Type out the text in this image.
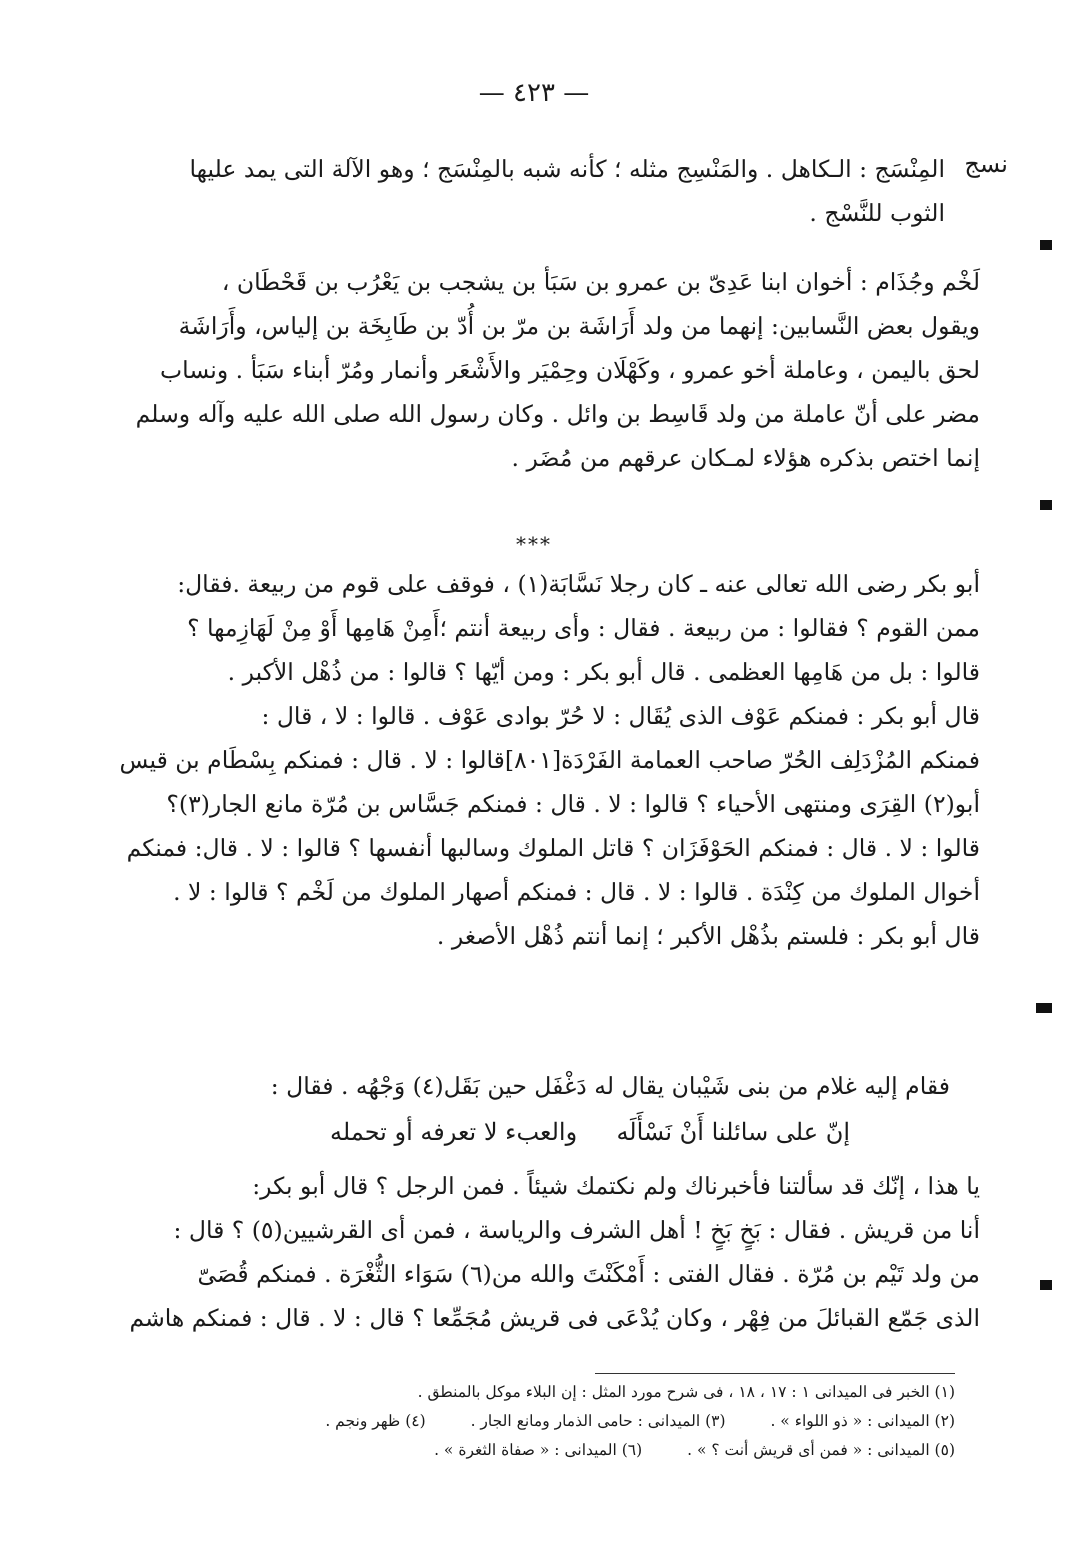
— ٤٢٣ —
نسج
المِنْسَج : الـكاهل . والمَنْسِج مثله ؛ كأنه شبه بالمِنْسَج ؛ وهو الآلة التى يمد عليها
الثوب للنَّسْج .
لَخْم وجُذَام : أخوان ابنا عَدِىّ بن عمرو بن سَبَأ بن يشجب بن يَعْرُب بن قَحْطَان ،
ويقول بعض النَّسابين: إنهما من ولد أَرَاشَة بن مرّ بن أُدّ بن طَابِخَة بن إلياس، وأَرَاشَة
لحق باليمن ، وعاملة أخو عمرو ، وكَهْلَان وحِمْيَر والأَشْعَر وأنمار ومُرّ أبناء سَبَأ . ونساب
مضر على أنّ عاملة من ولد قَاسِط بن وائل . وكان رسول الله صلى الله عليه وآله وسلم
إنما اختص بذكره هؤلاء لمـكان عرقهم من مُضَر .
***
أبو بكر رضى الله تعالى عنه ـ كان رجلا نَسَّابَة(١) ، فوقف على قوم من ربيعة .فقال:
ممن القوم ؟ فقالوا : من ربيعة . فقال : وأى ربيعة أنتم ؛أَمِنْ هَامِها أَوْ مِنْ لَهَازِمها ؟
قالوا : بل من هَامِها العظمى . قال أبو بكر : ومن أيّها ؟ قالوا : من ذُهْل الأكبر .
قال أبو بكر : فمنكم عَوْف الذى يُقَال : لا حُرّ بوادى عَوْف . قالوا : لا ، قال :
فمنكم المُزْدَلِف الحُرّ صاحب العمامة الفَرْدَة[٨٠١]قالوا : لا . قال : فمنكم بِسْطَام بن قيس
أبو(٢) القِرَى ومنتهى الأحياء ؟ قالوا : لا . قال : فمنكم جَسَّاس بن مُرّة مانع الجار(٣)؟
قالوا : لا . قال : فمنكم الحَوْفَزَان ؟ قاتل الملوك وسالبها أنفسها ؟ قالوا : لا . قال: فمنكم
أخوال الملوك من كِنْدَة . قالوا : لا . قال : فمنكم أصهار الملوك من لَخْم ؟ قالوا : لا .
قال أبو بكر : فلستم بذُهْل الأكبر ؛ إنما أنتم ذُهْل الأصغر .
فقام إليه غلام من بنى شَيْبان يقال له دَغْفَل حين بَقَل(٤) وَجْهُه . فقال :
إنّ على سائلنا أَنْ نَسْأَلَه
والعبء لا تعرفه أو تحمله
يا هذا ، إنّك قد سألتنا فأخبرناك ولم نكتمك شيئاً . فمن الرجل ؟ قال أبو بكر:
أنا من قريش . فقال : بَخٍ بَخٍ ! أهل الشرف والرياسة ، فمن أى القرشيين(٥) ؟ قال :
من ولد تَيْم بن مُرّة . فقال الفتى : أَمْكَنْتَ والله من(٦) سَوَاء الثُّغْرَة . فمنكم قُصَىّ
الذى جَمّع القبائلَ من فِهْر ، وكان يُدْعَى فى قريش مُجَمِّعا ؟ قال : لا . قال : فمنكم هاشم
(١) الخبر فى الميدانى ١ : ١٧ ، ١٨ ، فى شرح مورد المثل : إن البلاء موكل بالمنطق .
(٢) الميدانى : « ذو اللواء » . (٣) الميدانى : حامى الذمار ومانع الجار . (٤) ظهر ونجم .
(٥) الميدانى : « فمن أى قريش أنت ؟ » . (٦) الميدانى : « صفاة الثغرة » .
